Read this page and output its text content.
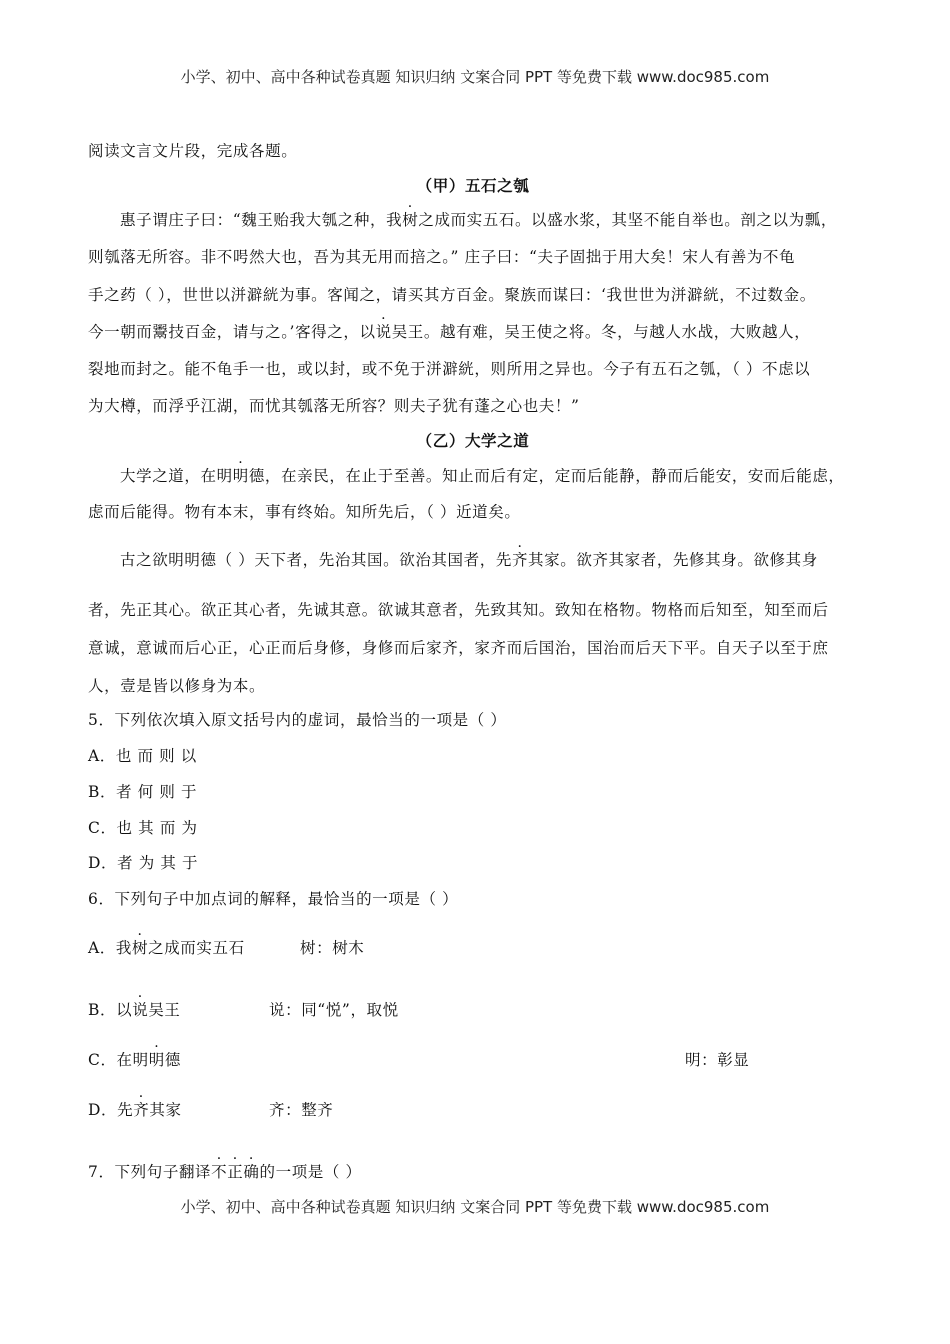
小学、初中、高中各种试卷真题 知识归纳 文案合同 PPT 等免费下载 www.doc985.com
阅读文言文片段，完成各题。
（甲）五石之瓠
惠子谓庄子曰：“魏王贻我大瓠之种，我树之成而实五石。以盛水浆，其坚不能自举也。剖之以为瓢，
则瓠落无所容。非不呺然大也，吾为其无用而掊之。” 庄子曰：“夫子固拙于用大矣！宋人有善为不龟
手之药（ ），世世以洴澼絖为事。客闻之，请买其方百金。聚族而谋曰：‘我世世为洴澼絖，不过数金。
今一朝而鬻技百金，请与之。’客得之，以说吴王。越有难，吴王使之将。冬，与越人水战，大败越人，
裂地而封之。能不龟手一也，或以封，或不免于洴澼絖，则所用之异也。今子有五石之瓠，（ ）不虑以
为大樽，而浮乎江湖，而忧其瓠落无所容？则夫子犹有蓬之心也夫！”
（乙）大学之道
大学之道，在明明德，在亲民，在止于至善。知止而后有定，定而后能静，静而后能安，安而后能虑，
虑而后能得。物有本末，事有终始。知所先后，（ ）近道矣。
古之欲明明德（ ）天下者，先治其国。欲治其国者，先齐其家。欲齐其家者，先修其身。欲修其身
者，先正其心。欲正其心者，先诚其意。欲诚其意者，先致其知。致知在格物。物格而后知至，知至而后
意诚，意诚而后心正，心正而后身修，身修而后家齐，家齐而后国治，国治而后天下平。自天子以至于庶
人，壹是皆以修身为本。
5．下列依次填入原文括号内的虚词，最恰当的一项是（ ）
A．也 而 则 以
B．者 何 则 于
C．也 其 而 为
D．者 为 其 于
6．下列句子中加点词的解释，最恰当的一项是（ ）
A．我树之成而实五石	树：树木
B．以说吴王	说：同“悦”，取悦
C．在明明德	明：彰显
D．先齐其家	齐：整齐
7．下列句子翻译不正确的一项是（ ）
小学、初中、高中各种试卷真题 知识归纳 文案合同 PPT 等免费下载 www.doc985.com
